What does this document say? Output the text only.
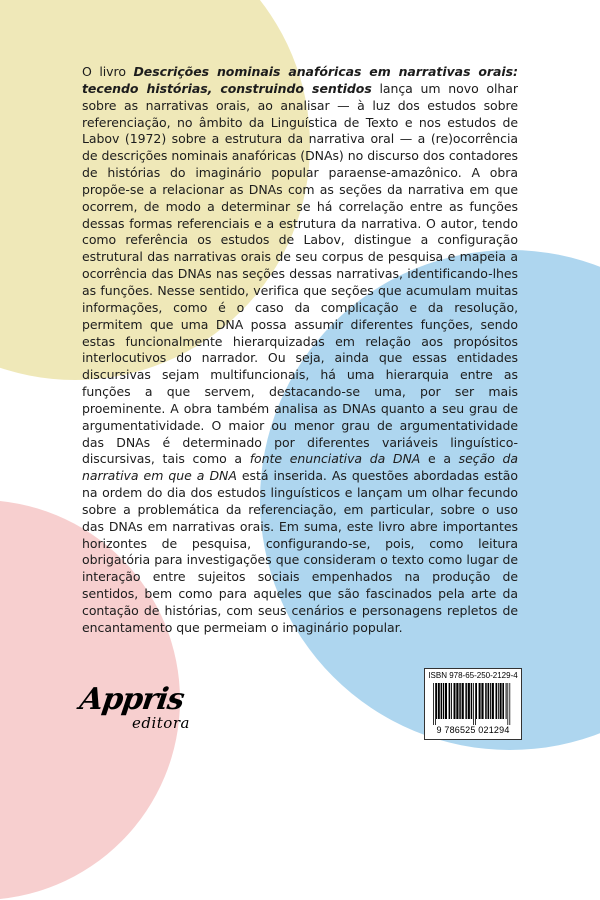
O livro Descrições nominais anafóricas em narrativas orais: tecendo histórias, construindo sentidos lança um novo olhar sobre as narrativas orais, ao analisar — à luz dos estudos sobre referenciação, no âmbito da Linguística de Texto e nos estudos de Labov (1972) sobre a estrutura da narrativa oral — a (re)ocorrência de descrições nominais anafóricas (DNAs) no discurso dos contadores de histórias do imaginário popular paraense-amazônico. A obra propõe-se a relacionar as DNAs com as seções da narrativa em que ocorrem, de modo a determinar se há correlação entre as funções dessas formas referenciais e a estrutura da narrativa. O autor, tendo como referência os estudos de Labov, distingue a configuração estrutural das narrativas orais de seu corpus de pesquisa e mapeia a ocorrência das DNAs nas seções dessas narrativas, identificando-lhes as funções. Nesse sentido, verifica que seções que acumulam muitas informações, como é o caso da complicação e da resolução, permitem que uma DNA possa assumir diferentes funções, sendo estas funcionalmente hierarquizadas em relação aos propósitos interlocutivos do narrador. Ou seja, ainda que essas entidades discursivas sejam multifuncionais, há uma hierarquia entre as funções a que servem, destacando-se uma, por ser mais proeminente. A obra também analisa as DNAs quanto a seu grau de argumentatividade. O maior ou menor grau de argumentatividade das DNAs é determinado por diferentes variáveis linguístico-discursivas, tais como a fonte enunciativa da DNA e a seção da narrativa em que a DNA está inserida. As questões abordadas estão na ordem do dia dos estudos linguísticos e lançam um olhar fecundo sobre a problemática da referenciação, em particular, sobre o uso das DNAs em narrativas orais. Em suma, este livro abre importantes horizontes de pesquisa, configurando-se, pois, como leitura obrigatória para investigações que consideram o texto como lugar de interação entre sujeitos sociais empenhados na produção de sentidos, bem como para aqueles que são fascinados pela arte da contação de histórias, com seus cenários e personagens repletos de encantamento que permeiam o imaginário popular.

Appris
editora
ISBN 978-65-250-2129-4
9 786525 021294
